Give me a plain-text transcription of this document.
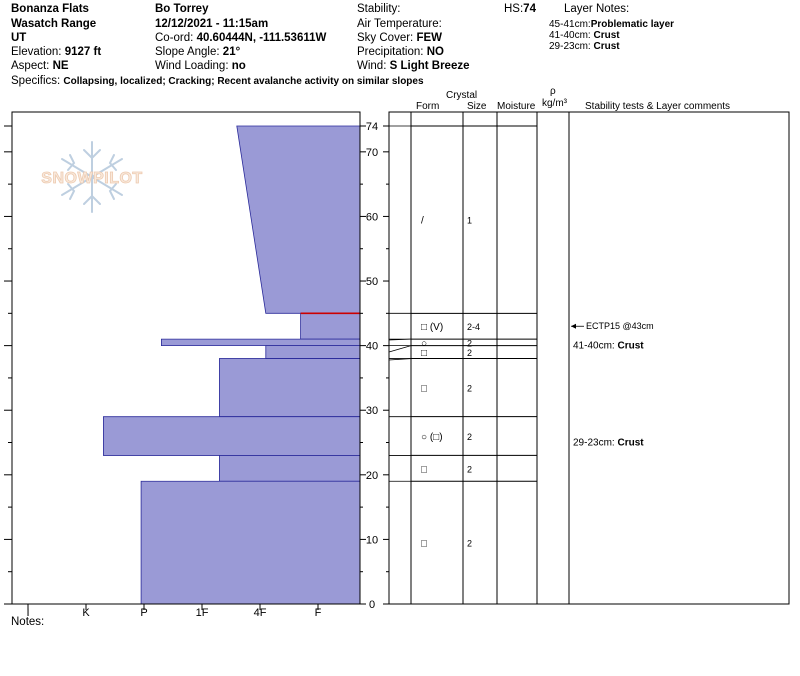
Bonanza Flats
Wasatch Range
UT
Elevation: 9127 ft
Aspect: NE
Bo Torrey
12/12/2021 - 11:15am
Co-ord: 40.60444N, -111.53611W
Slope Angle: 21°
Wind Loading: no
Stability:
Air Temperature:
Sky Cover: FEW
Precipitation: NO
Wind: S Light Breeze
HS:74 Layer Notes:
45-41cm:Problematic layer
41-40cm: Crust
29-23cm: Crust
Specifics: Collapsing, localized; Cracking; Recent avalanche activity on similar slopes
Crystal
Form	Size Moisture
ρ
kg/m³ Stability tests & Layer comments
Notes:
SNOWPILOT
0
10
20
30
40
50
60
70
74
I	K	P	1F	4F	F
/	1
□ (V)	2-4
○	2
□	2
□	2
○ (□)	2
□	2
□	2
ECTP15 @43cm
41-40cm: Crust
29-23cm: Crust
